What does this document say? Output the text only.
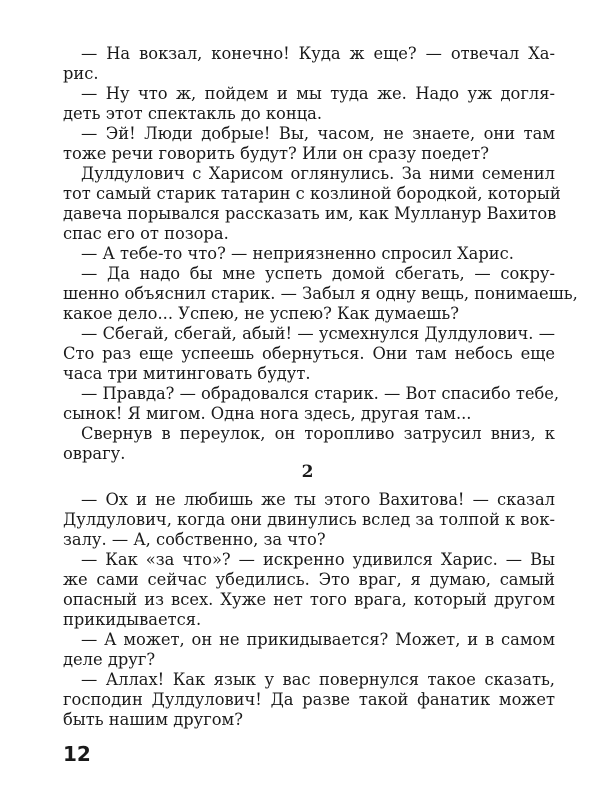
— На вокзал, конечно! Куда ж еще? — отвечал Ха-
рис.
— Ну что ж, пойдем и мы туда же. Надо уж догля-
деть этот спектакль до конца.
— Эй! Люди добрые! Вы, часом, не знаете, они там
тоже речи говорить будут? Или он сразу поедет?
Дулдулович с Харисом оглянулись. За ними семенил
тот самый старик татарин с козлиной бородкой, который
давеча порывался рассказать им, как Мулланур Вахитов
спас его от позора.
— А тебе-то что? — неприязненно спросил Харис.
— Да надо бы мне успеть домой сбегать, — сокру-
шенно объяснил старик. — Забыл я одну вещь, понимаешь,
какое дело... Успею, не успею? Как думаешь?
— Сбегай, сбегай, абый! — усмехнулся Дулдулович. —
Сто раз еще успеешь обернуться. Они там небось еще
часа три митинговать будут.
— Правда? — обрадовался старик. — Вот спасибо тебе,
сынок! Я мигом. Одна нога здесь, другая там...
Свернув в переулок, он торопливо затрусил вниз, к
оврагу.
2
— Ох и не любишь же ты этого Вахитова! — сказал
Дулдулович, когда они двинулись вслед за толпой к вок-
залу. — А, собственно, за что?
— Как «за что»? — искренно удивился Харис. — Вы
же сами сейчас убедились. Это враг, я думаю, самый
опасный из всех. Хуже нет того врага, который другом
прикидывается.
— А может, он не прикидывается? Может, и в самом
деле друг?
— Аллах! Как язык у вас повернулся такое сказать,
господин Дулдулович! Да разве такой фанатик может
быть нашим другом?
12
